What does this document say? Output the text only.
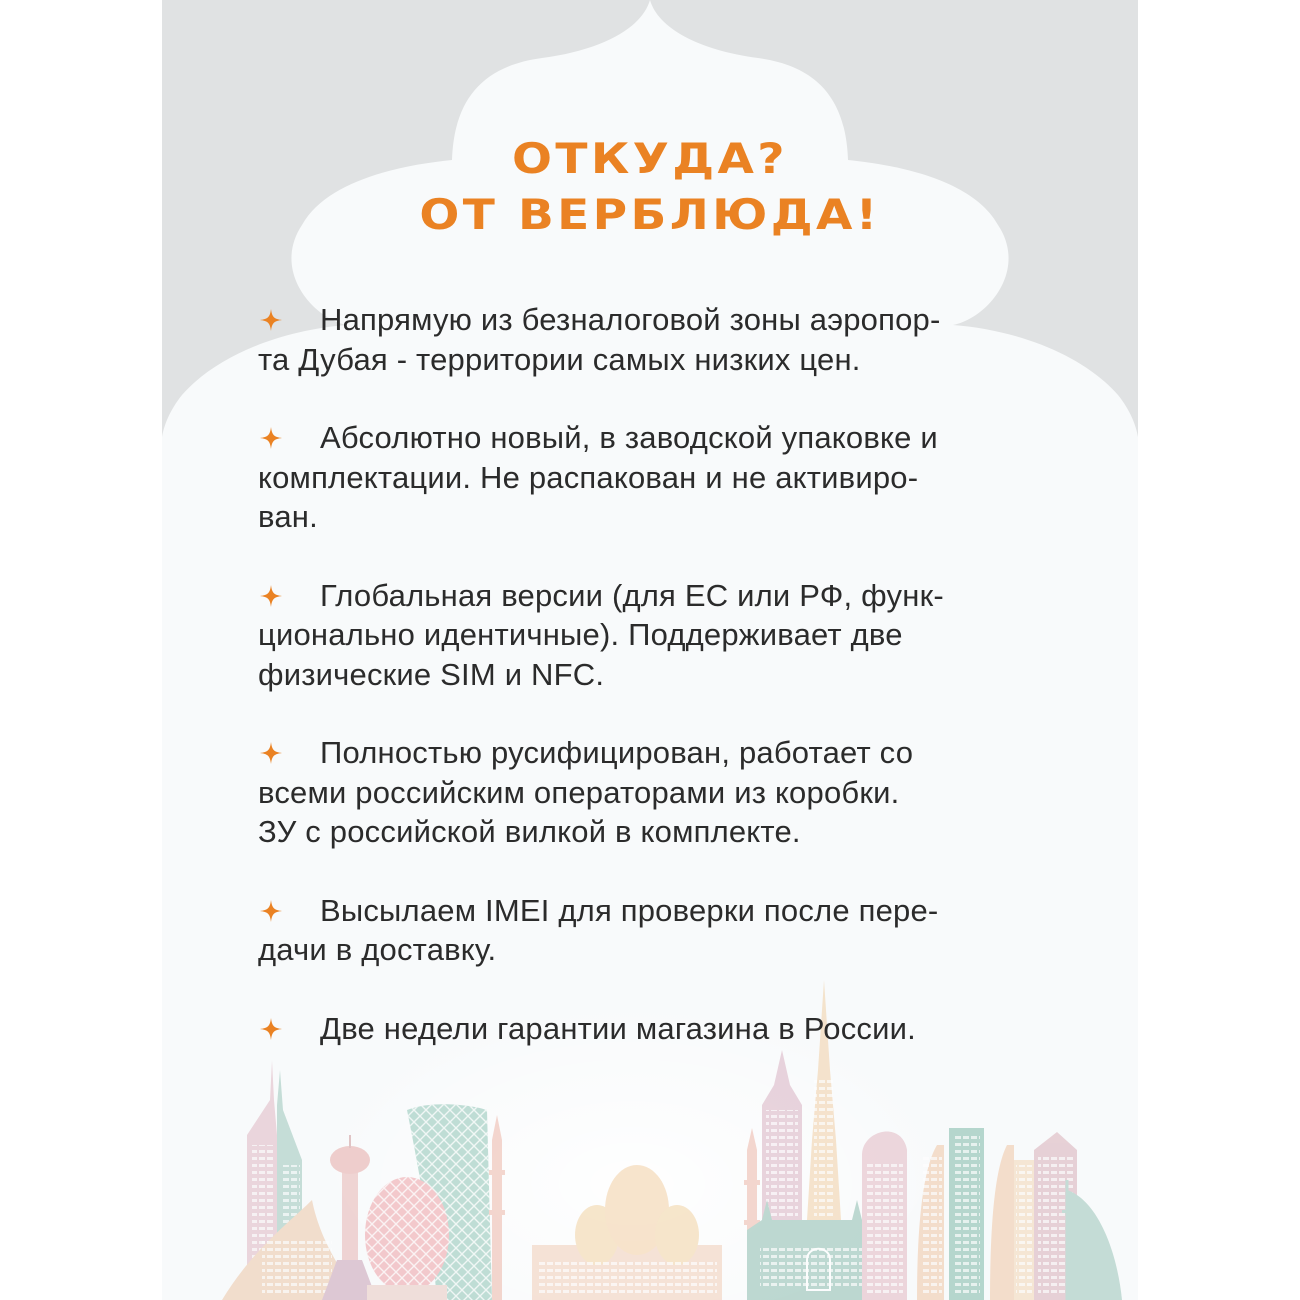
ОТКУДА?
ОТ ВЕРБЛЮДА!
Напрямую из безналоговой зоны аэропор-
та Дубая - территории самых низких цен.
Абсолютно новый, в заводской упаковке и
комплектации. Не распакован и не активиро-
ван.
Глобальная версии (для ЕС или РФ, функ-
ционально идентичные). Поддерживает две
физические SIM и NFC.
Полностью русифицирован, работает со
всеми российским операторами из коробки.
ЗУ с российской вилкой в комплекте.
Высылаем IMEI для проверки после пере-
дачи в доставку.
Две недели гарантии магазина в России.
